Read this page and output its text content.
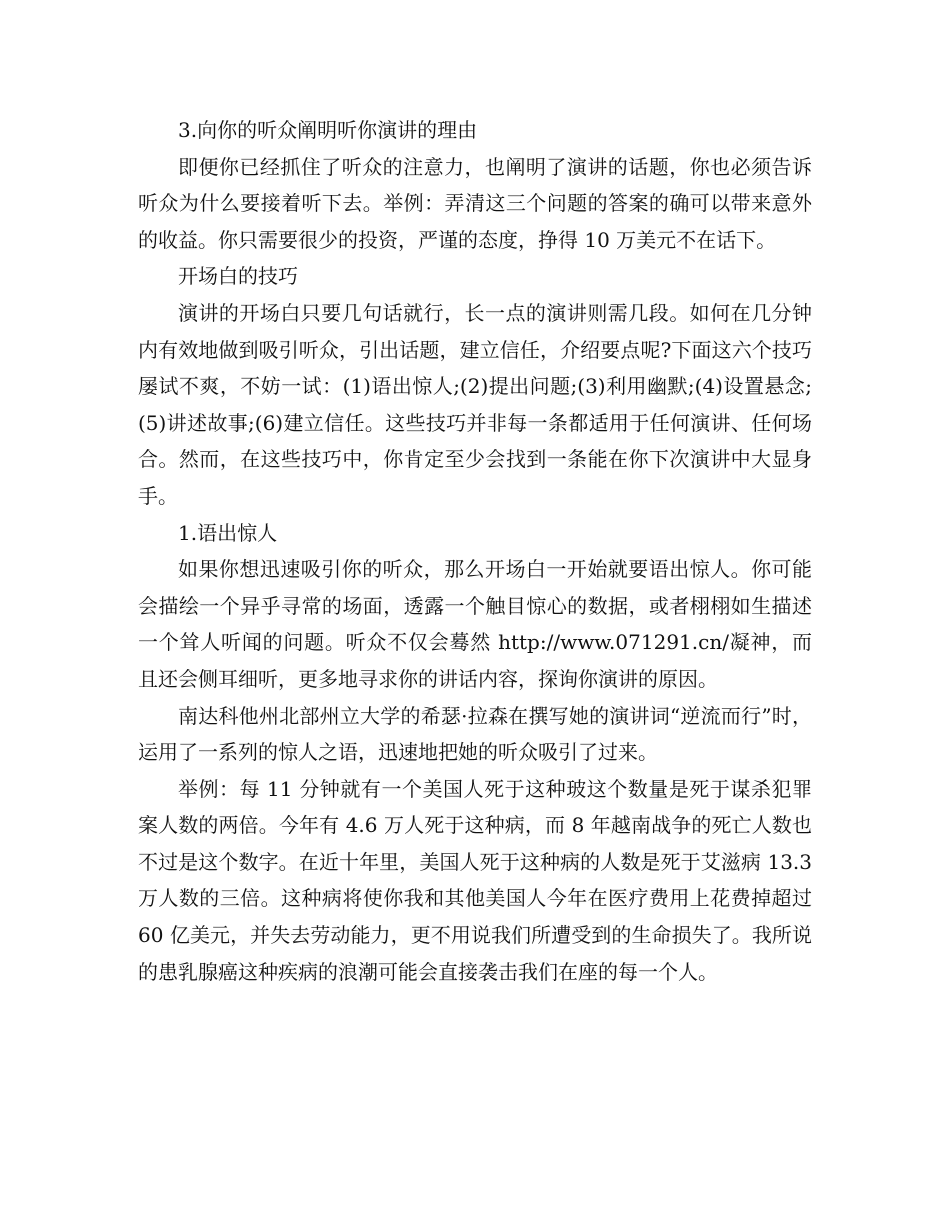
3.向你的听众阐明听你演讲的理由

即便你已经抓住了听众的注意力，也阐明了演讲的话题，你也必须告诉听众为什么要接着听下去。举例：弄清这三个问题的答案的确可以带来意外的收益。你只需要很少的投资，严谨的态度，挣得 10 万美元不在话下。

开场白的技巧

演讲的开场白只要几句话就行，长一点的演讲则需几段。如何在几分钟内有效地做到吸引听众，引出话题，建立信任，介绍要点呢?下面这六个技巧屡试不爽，不妨一试：(1)语出惊人;(2)提出问题;(3)利用幽默;(4)设置悬念;(5)讲述故事;(6)建立信任。这些技巧并非每一条都适用于任何演讲、任何场合。然而，在这些技巧中，你肯定至少会找到一条能在你下次演讲中大显身手。

1.语出惊人

如果你想迅速吸引你的听众，那么开场白一开始就要语出惊人。你可能会描绘一个异乎寻常的场面，透露一个触目惊心的数据，或者栩栩如生描述一个耸人听闻的问题。听众不仅会蓦然 http://www.071291.cn/凝神，而且还会侧耳细听，更多地寻求你的讲话内容，探询你演讲的原因。

南达科他州北部州立大学的希瑟·拉森在撰写她的演讲词“逆流而行”时，运用了一系列的惊人之语，迅速地把她的听众吸引了过来。

举例：每 11 分钟就有一个美国人死于这种玻这个数量是死于谋杀犯罪案人数的两倍。今年有 4.6 万人死于这种病，而 8 年越南战争的死亡人数也不过是这个数字。在近十年里，美国人死于这种病的人数是死于艾滋病 13.3 万人数的三倍。这种病将使你我和其他美国人今年在医疗费用上花费掉超过 60 亿美元，并失去劳动能力，更不用说我们所遭受到的生命损失了。我所说的患乳腺癌这种疾病的浪潮可能会直接袭击我们在座的每一个人。
